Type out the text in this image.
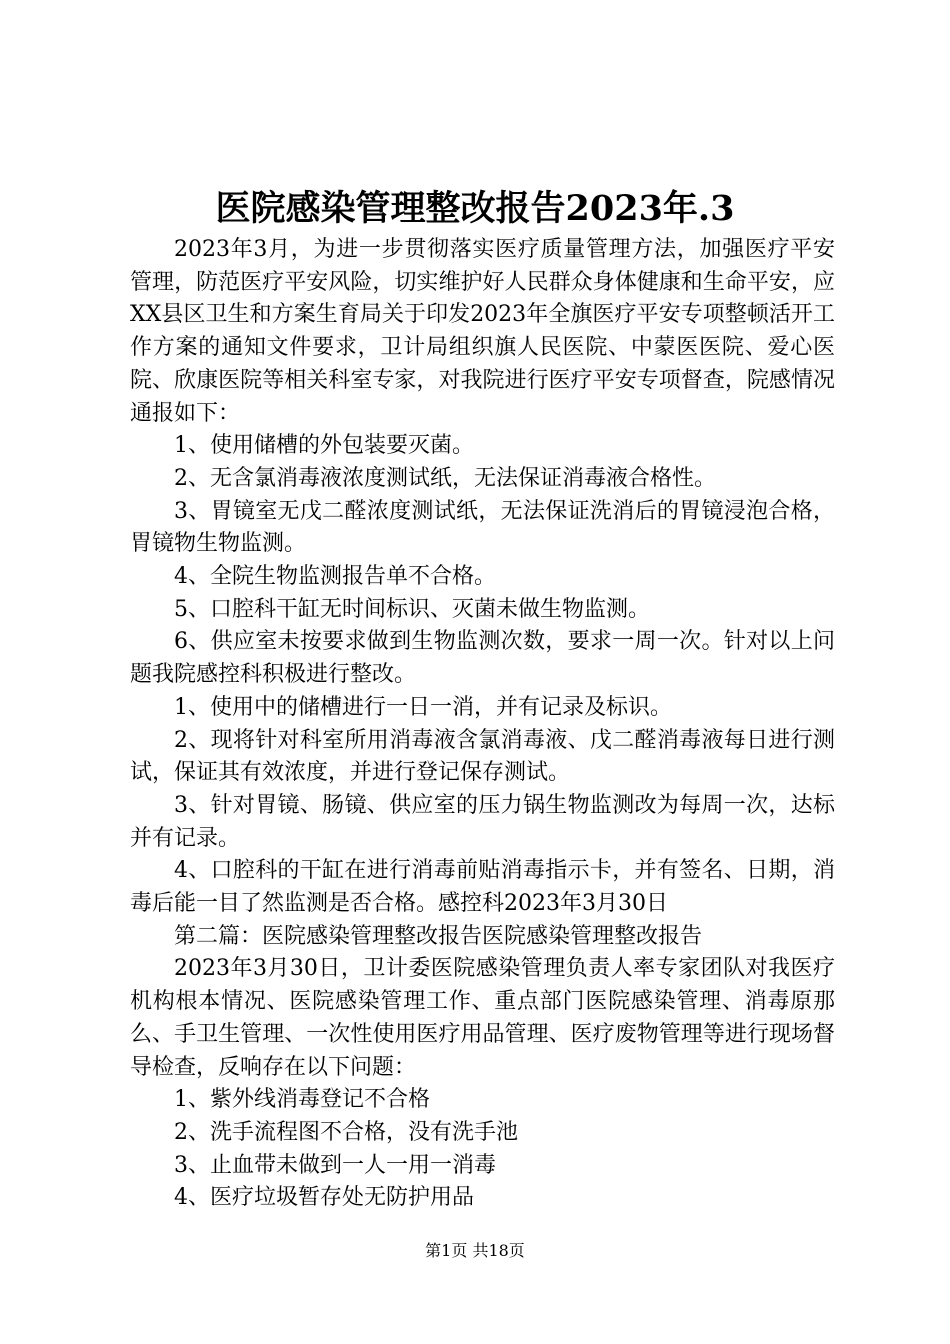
医院感染管理整改报告2023年.3

2023年3月，为进一步贯彻落实医疗质量管理方法，加强医疗平安管理，防范医疗平安风险，切实维护好人民群众身体健康和生命平安，应XX县区卫生和方案生育局关于印发2023年全旗医疗平安专项整顿活开工作方案的通知文件要求，卫计局组织旗人民医院、中蒙医医院、爱心医院、欣康医院等相关科室专家，对我院进行医疗平安专项督查，院感情况通报如下：

1、使用储槽的外包装要灭菌。

2、无含氯消毒液浓度测试纸，无法保证消毒液合格性。

3、胃镜室无戊二醛浓度测试纸，无法保证洗消后的胃镜浸泡合格，胃镜物生物监测。

4、全院生物监测报告单不合格。

5、口腔科干缸无时间标识、灭菌未做生物监测。

6、供应室未按要求做到生物监测次数，要求一周一次。针对以上问题我院感控科积极进行整改。

1、使用中的储槽进行一日一消，并有记录及标识。

2、现将针对科室所用消毒液含氯消毒液、戊二醛消毒液每日进行测试，保证其有效浓度，并进行登记保存测试。

3、针对胃镜、肠镜、供应室的压力锅生物监测改为每周一次，达标并有记录。

4、口腔科的干缸在进行消毒前贴消毒指示卡，并有签名、日期，消毒后能一目了然监测是否合格。感控科2023年3月30日

第二篇：医院感染管理整改报告医院感染管理整改报告

2023年3月30日，卫计委医院感染管理负责人率专家团队对我医疗机构根本情况、医院感染管理工作、重点部门医院感染管理、消毒原那么、手卫生管理、一次性使用医疗用品管理、医疗废物管理等进行现场督导检查，反响存在以下问题：

1、紫外线消毒登记不合格

2、洗手流程图不合格，没有洗手池

3、止血带未做到一人一用一消毒

4、医疗垃圾暂存处无防护用品

第1页 共18页
